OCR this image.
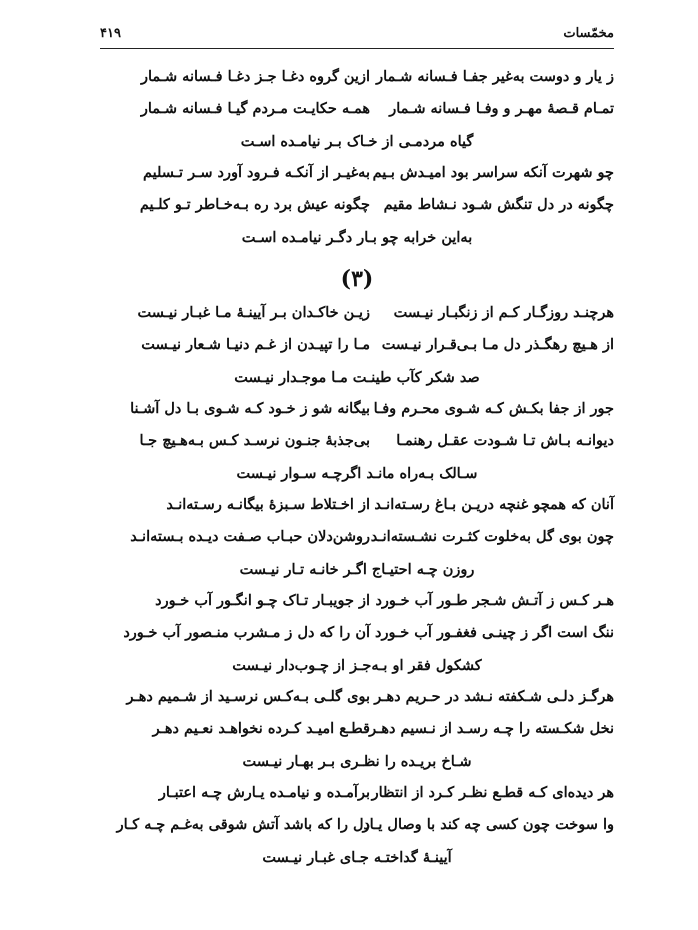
مخمّسات
۴۱۹
ز یار و دوست به‌غیر جفـا فـسانه شـمار
ازین گروه دغـا جـز دغـا فـسانه شـمار
تمـام قـصهٔ مهـر و وفـا فـسانه شـمار
همـه حکایـت مـردم گیـا فـسانه شـمار
گیاه مردمـی از خـاک بـر نیامـده اسـت
چو شهرت آنکه سراسر بود امیـدش بـیم
به‌غیـر از آنکـه فـرود آورد سـر تـسلیم
چگونه در دل تنگش شـود نـشاط مقیم
چگونه عیش برد ره بـه‌خـاطر تـو کلـیم
به‌این خرابه چو بـار دگـر نیامـده اسـت
(۳)
هرچنـد روزگـار کـم از زنگبـار نیـست
زیـن خاکـدان بـر آیینـهٔ مـا غبـار نیـست
از هـیچ رهگـذر دل مـا بـی‌قـرار نیـست
مـا را تپیـدن از غـم دنیـا شـعار نیـست
صد شکر کآب طینـت مـا موجـدار نیـست
جور از جفا بکـش کـه شـوی محـرم وفـا
بیگانه شو ز خـود کـه شـوی بـا دل آشـنا
دیوانـه بـاش تـا شـودت عقـل رهنمـا
بی‌جذبهٔ جنـون نرسـد کـس بـه‌هـیچ جـا
سـالک بـه‌راه مانـد اگرچـه سـوار نیـست
آنان که همچو غنچه دریـن بـاغ رسـته‌انـد
از اخـتلاط سـبزهٔ بیگانـه رسـته‌انـد
چون بوی گل به‌خلوت کثـرت نشـسته‌انـد
روشن‌دلان حبـاب صـفت دیـده بـسته‌انـد
روزن چـه احتیـاج اگـر خانـه تـار نیـست
هـر کـس ز آتـش شـجر طـور آب خـورد
از جویبـار تـاک چـو انگـور آب خـورد
ننگ است اگر ز چینـی فغفـور آب خـورد
آن را که دل ز مـشرب منـصور آب خـورد
کشکول فقر او بـه‌جـز از چـوب‌دار نیـست
هرگـز دلـی شـکفته نـشد در حـریم دهـر
بوی گلـی بـه‌کـس نرسـید از شـمیم دهـر
نخل شکـسته را چـه رسـد از نـسیم دهـر
قطـع امیـد کـرده نخواهـد نعـیم دهـر
شـاخ بریـده را نظـری بـر بهـار نیـست
هر دیده‌ای کـه قطـع نظـر کـرد از انتظار
برآمـده و نیامـده یـارش چـه اعتبـار
وا سوخت چون کسی چه کند با وصال یـار
دل را که باشد آتش شوقی به‌غـم چـه کـار
آیینـهٔ گداختـه جـای غبـار نیـست
